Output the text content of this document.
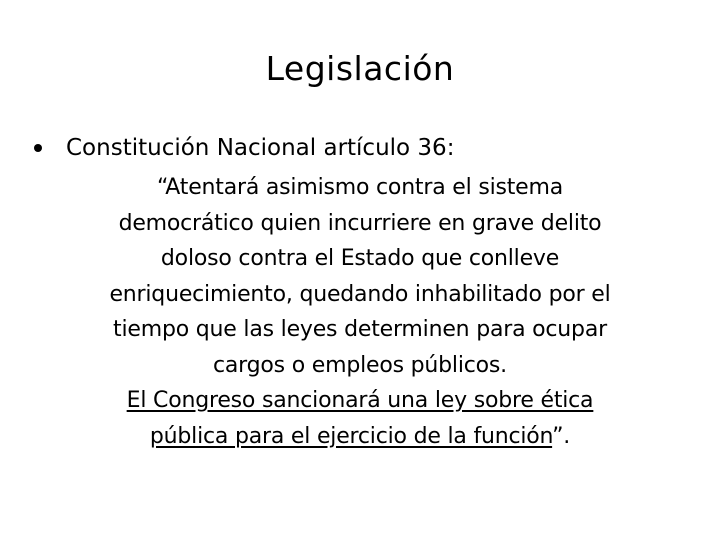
Legislación
Constitución Nacional artículo 36:
“Atentará asimismo contra el sistema
democrático quien incurriere en grave delito
doloso contra el Estado que conlleve
enriquecimiento, quedando inhabilitado por el
tiempo que las leyes determinen para ocupar
cargos o empleos públicos.
El Congreso sancionará una ley sobre ética
pública para el ejercicio de la función”.
